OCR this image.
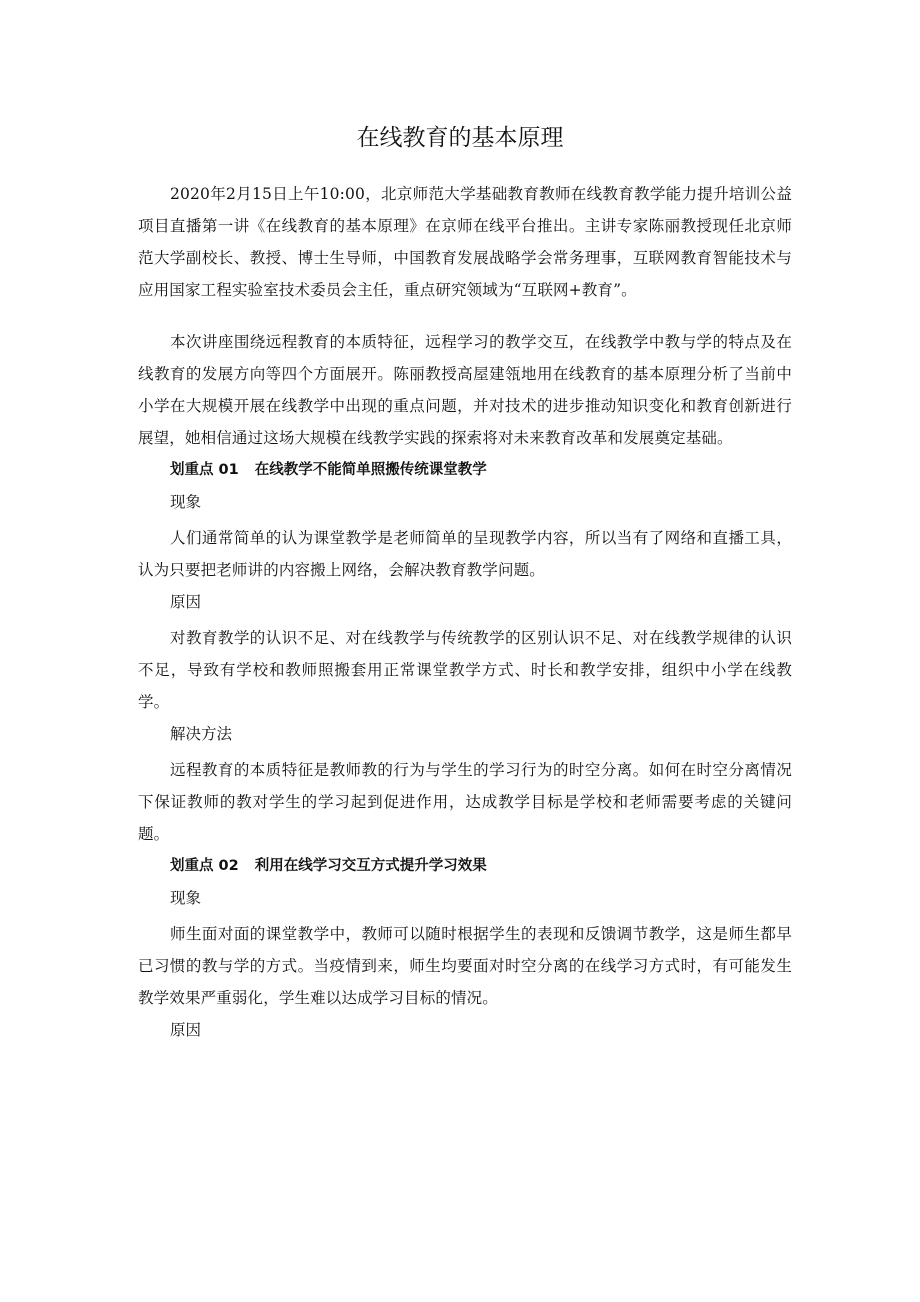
在线教育的基本原理

2020年2月15日上午10:00，北京师范大学基础教育教师在线教育教学能力提升培训公益项目直播第一讲《在线教育的基本原理》在京师在线平台推出。主讲专家陈丽教授现任北京师范大学副校长、教授、博士生导师，中国教育发展战略学会常务理事，互联网教育智能技术与应用国家工程实验室技术委员会主任，重点研究领域为“互联网+教育”。

本次讲座围绕远程教育的本质特征，远程学习的教学交互，在线教学中教与学的特点及在线教育的发展方向等四个方面展开。陈丽教授高屋建瓴地用在线教育的基本原理分析了当前中小学在大规模开展在线教学中出现的重点问题，并对技术的进步推动知识变化和教育创新进行展望，她相信通过这场大规模在线教学实践的探索将对未来教育改革和发展奠定基础。

划重点 01 在线教学不能简单照搬传统课堂教学

现象

人们通常简单的认为课堂教学是老师简单的呈现教学内容，所以当有了网络和直播工具，认为只要把老师讲的内容搬上网络，会解决教育教学问题。

原因

对教育教学的认识不足、对在线教学与传统教学的区别认识不足、对在线教学规律的认识不足，导致有学校和教师照搬套用正常课堂教学方式、时长和教学安排，组织中小学在线教学。

解决方法

远程教育的本质特征是教师教的行为与学生的学习行为的时空分离。如何在时空分离情况下保证教师的教对学生的学习起到促进作用，达成教学目标是学校和老师需要考虑的关键问题。

划重点 02 利用在线学习交互方式提升学习效果

现象

师生面对面的课堂教学中，教师可以随时根据学生的表现和反馈调节教学，这是师生都早已习惯的教与学的方式。当疫情到来，师生均要面对时空分离的在线学习方式时，有可能发生教学效果严重弱化，学生难以达成学习目标的情况。

原因
